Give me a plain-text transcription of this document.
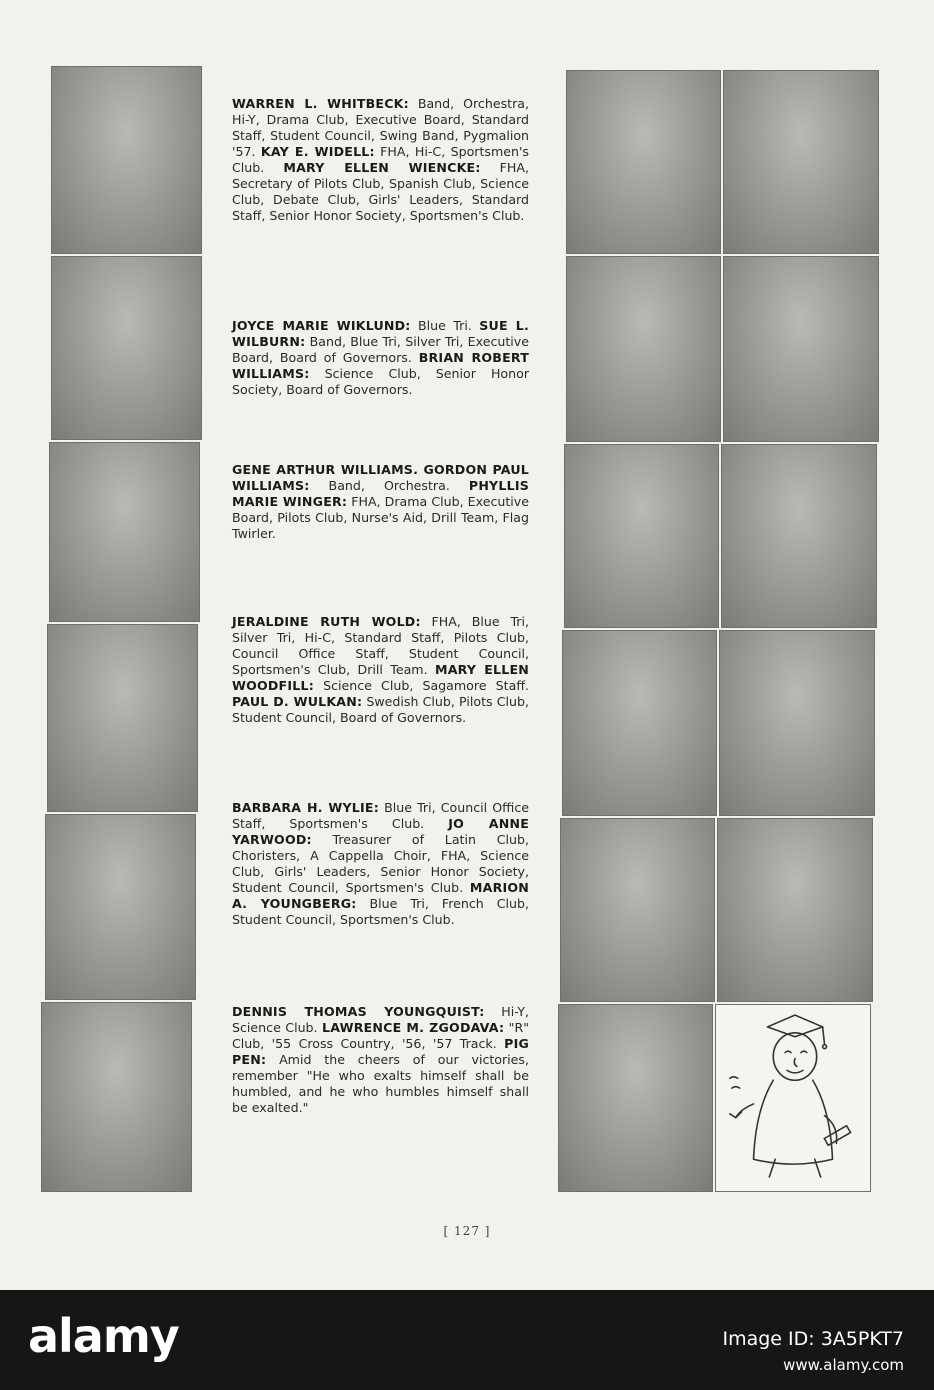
WARREN L. WHITBECK: Band, Orchestra, Hi-Y, Drama Club, Executive Board, Standard Staff, Student Council, Swing Band, Pygmalion '57. KAY E. WIDELL: FHA, Hi-C, Sportsmen's Club. MARY ELLEN WIENCKE: FHA, Secretary of Pilots Club, Spanish Club, Science Club, Debate Club, Girls' Leaders, Standard Staff, Senior Honor Society, Sportsmen's Club.

JOYCE MARIE WIKLUND: Blue Tri. SUE L. WILBURN: Band, Blue Tri, Silver Tri, Executive Board, Board of Governors. BRIAN ROBERT WILLIAMS: Science Club, Senior Honor Society, Board of Governors.

GENE ARTHUR WILLIAMS. GORDON PAUL WILLIAMS: Band, Orchestra. PHYLLIS MARIE WINGER: FHA, Drama Club, Executive Board, Pilots Club, Nurse's Aid, Drill Team, Flag Twirler.

JERALDINE RUTH WOLD: FHA, Blue Tri, Silver Tri, Hi-C, Standard Staff, Pilots Club, Council Office Staff, Student Council, Sportsmen's Club, Drill Team. MARY ELLEN WOODFILL: Science Club, Sagamore Staff. PAUL D. WULKAN: Swedish Club, Pilots Club, Student Council, Board of Governors.

BARBARA H. WYLIE: Blue Tri, Council Office Staff, Sportsmen's Club. JO ANNE YARWOOD: Treasurer of Latin Club, Choristers, A Cappella Choir, FHA, Science Club, Girls' Leaders, Senior Honor Society, Student Council, Sportsmen's Club. MARION A. YOUNGBERG: Blue Tri, French Club, Student Council, Sportsmen's Club.

DENNIS THOMAS YOUNGQUIST: Hi-Y, Science Club. LAWRENCE M. ZGODAVA: "R" Club, '55 Cross Country, '56, '57 Track. PIG PEN: Amid the cheers of our victories, remember "He who exalts himself shall be humbled, and he who humbles himself shall be exalted."

[ 127 ]
alamy	Image ID: 3A5PKT7
www.alamy.com
